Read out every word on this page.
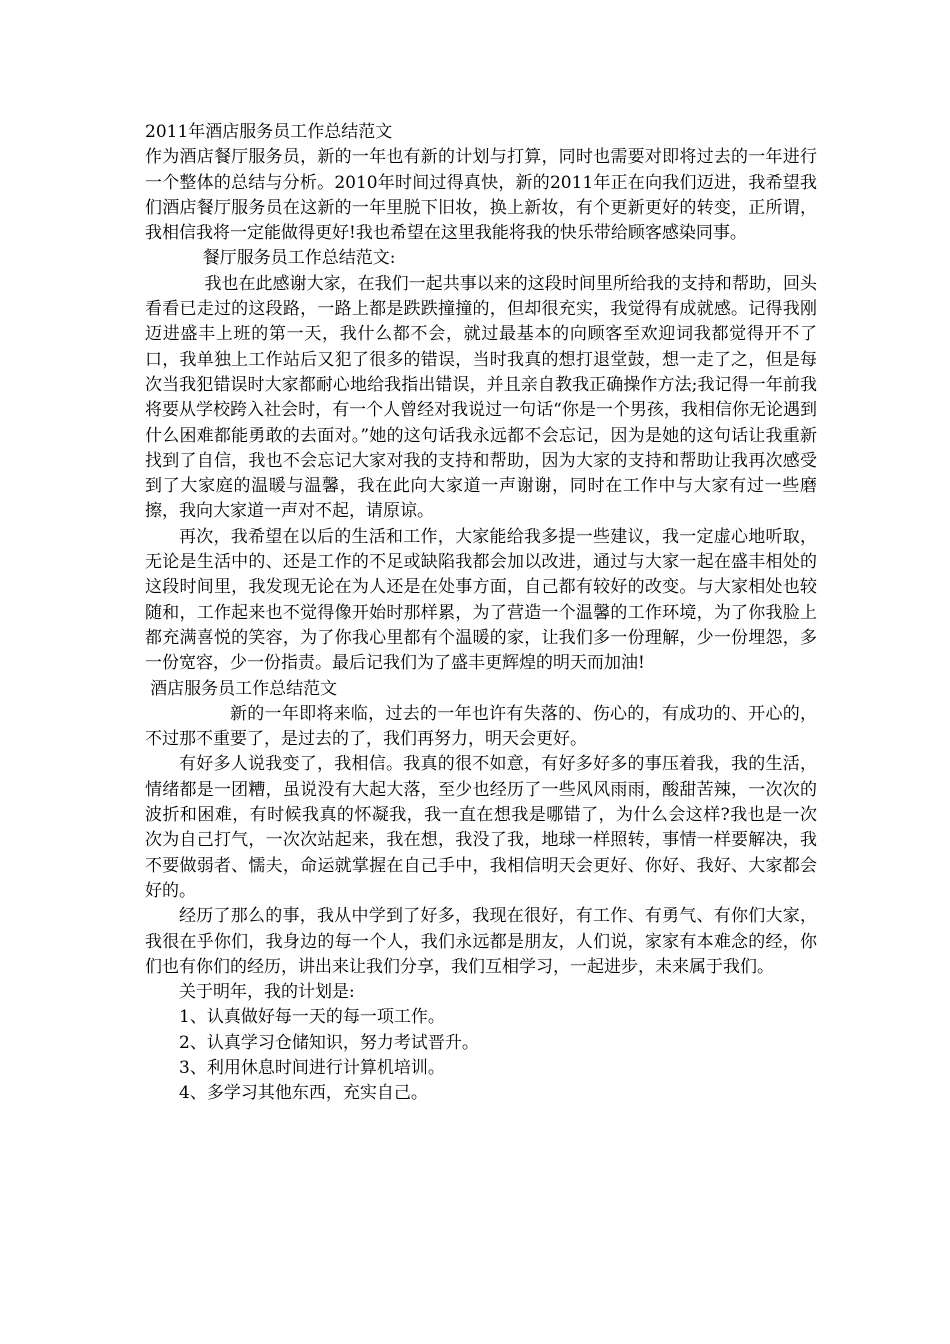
2011年酒店服务员工作总结范文

作为酒店餐厅服务员，新的一年也有新的计划与打算，同时也需要对即将过去的一年进行一个整体的总结与分析。2010年时间过得真快，新的2011年正在向我们迈进，我希望我们酒店餐厅服务员在这新的一年里脱下旧妆，换上新妆，有个更新更好的转变，正所谓，我相信我将一定能做得更好!我也希望在这里我能将我的快乐带给顾客感染同事。

餐厅服务员工作总结范文:

我也在此感谢大家，在我们一起共事以来的这段时间里所给我的支持和帮助，回头看看已走过的这段路，一路上都是跌跌撞撞的，但却很充实，我觉得有成就感。记得我刚迈进盛丰上班的第一天，我什么都不会，就过最基本的向顾客至欢迎词我都觉得开不了口，我单独上工作站后又犯了很多的错误，当时我真的想打退堂鼓，想一走了之，但是每次当我犯错误时大家都耐心地给我指出错误，并且亲自教我正确操作方法;我记得一年前我将要从学校跨入社会时，有一个人曾经对我说过一句话“你是一个男孩，我相信你无论遇到什么困难都能勇敢的去面对。”她的这句话我永远都不会忘记，因为是她的这句话让我重新找到了自信，我也不会忘记大家对我的支持和帮助，因为大家的支持和帮助让我再次感受到了大家庭的温暖与温馨，我在此向大家道一声谢谢，同时在工作中与大家有过一些磨擦，我向大家道一声对不起，请原谅。

再次，我希望在以后的生活和工作，大家能给我多提一些建议，我一定虚心地听取，无论是生活中的、还是工作的不足或缺陷我都会加以改进，通过与大家一起在盛丰相处的这段时间里，我发现无论在为人还是在处事方面，自己都有较好的改变。与大家相处也较随和，工作起来也不觉得像开始时那样累，为了营造一个温馨的工作环境，为了你我脸上都充满喜悦的笑容，为了你我心里都有个温暖的家，让我们多一份理解，少一份埋怨，多一份宽容，少一份指责。最后记我们为了盛丰更辉煌的明天而加油!

酒店服务员工作总结范文

新的一年即将来临，过去的一年也许有失落的、伤心的，有成功的、开心的，不过那不重要了，是过去的了，我们再努力，明天会更好。

有好多人说我变了，我相信。我真的很不如意，有好多好多的事压着我，我的生活，情绪都是一团糟，虽说没有大起大落，至少也经历了一些风风雨雨，酸甜苦辣，一次次的波折和困难，有时候我真的怀凝我，我一直在想我是哪错了，为什么会这样?我也是一次次为自己打气，一次次站起来，我在想，我没了我，地球一样照转，事情一样要解决，我不要做弱者、懦夫，命运就掌握在自己手中，我相信明天会更好、你好、我好、大家都会好的。

经历了那么的事，我从中学到了好多，我现在很好，有工作、有勇气、有你们大家，我很在乎你们，我身边的每一个人，我们永远都是朋友，人们说，家家有本难念的经，你们也有你们的经历，讲出来让我们分享，我们互相学习，一起进步，未来属于我们。

关于明年，我的计划是:

1、认真做好每一天的每一项工作。

2、认真学习仓储知识，努力考试晋升。

3、利用休息时间进行计算机培训。

4、多学习其他东西，充实自己。
